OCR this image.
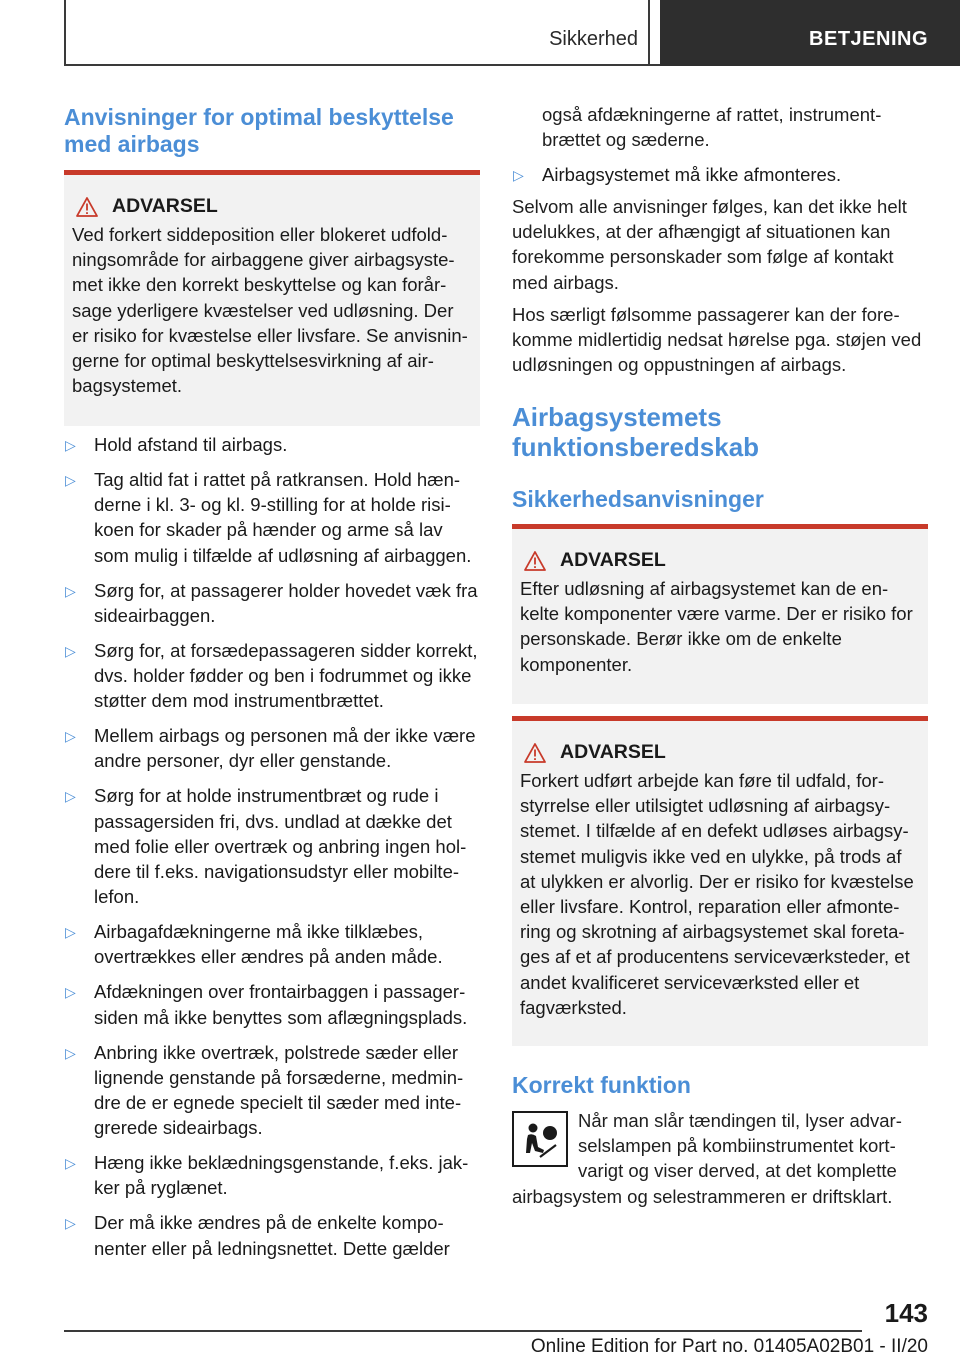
Sikkerhed	BETJENING
Anvisninger for optimal beskyttelse med airbags
ADVARSEL
Ved forkert siddeposition eller blokeret udfoldningsområde for airbaggene giver airbagsystemet ikke den korrekt beskyttelse og kan forårsage yderligere kvæstelser ved udløsning. Der er risiko for kvæstelse eller livsfare. Se anvisningerne for optimal beskyttelsesvirkning af airbagsystemet.
▷ Hold afstand til airbags.
▷ Tag altid fat i rattet på ratkransen. Hold hænderne i kl. 3- og kl. 9-stilling for at holde risikoen for skader på hænder og arme så lav som mulig i tilfælde af udløsning af airbaggen.
▷ Sørg for, at passagerer holder hovedet væk fra sideairbaggen.
▷ Sørg for, at forsædepassageren sidder korrekt, dvs. holder fødder og ben i fodrummet og ikke støtter dem mod instrumentbrættet.
▷ Mellem airbags og personen må der ikke være andre personer, dyr eller genstande.
▷ Sørg for at holde instrumentbræt og rude i passagersiden fri, dvs. undlad at dække det med folie eller overtræk og anbring ingen holdere til f.eks. navigationsudstyr eller mobiltelefon.
▷ Airbagafdækningerne må ikke tilklæbes, overtrækkes eller ændres på anden måde.
▷ Afdækningen over frontairbaggen i passagersiden må ikke benyttes som aflægningsplads.
▷ Anbring ikke overtræk, polstrede sæder eller lignende genstande på forsæderne, medmindre de er egnede specielt til sæder med integrerede sideairbags.
▷ Hæng ikke beklædningsgenstande, f.eks. jakker på ryglænet.
▷ Der må ikke ændres på de enkelte komponenter eller på ledningsnettet. Dette gælder
også afdækningerne af rattet, instrumentbrættet og sæderne.
▷ Airbagsystemet må ikke afmonteres.
Selvom alle anvisninger følges, kan det ikke helt udelukkes, at der afhængigt af situationen kan forekomme personskader som følge af kontakt med airbags.
Hos særligt følsomme passagerer kan der forekomme midlertidig nedsat hørelse pga. støjen ved udløsningen og oppustningen af airbags.
Airbagsystemets funktionsberedskab
Sikkerhedsanvisninger
ADVARSEL
Efter udløsning af airbagsystemet kan de enkelte komponenter være varme. Der er risiko for personskade. Berør ikke om de enkelte komponenter.
ADVARSEL
Forkert udført arbejde kan føre til udfald, forstyrrelse eller utilsigtet udløsning af airbagsystemet. I tilfælde af en defekt udløses airbagsystemet muligvis ikke ved en ulykke, på trods af at ulykken er alvorlig. Der er risiko for kvæstelse eller livsfare. Kontrol, reparation eller afmontering og skrotning af airbagsystemet skal foretages af et af producentens serviceværksteder, et andet kvalificeret serviceværksted eller et fagværksted.
Korrekt funktion
Når man slår tændingen til, lyser advarselslampen på kombiinstrumentet kortvarigt og viser derved, at det komplette airbagsystem og selestrammeren er driftsklart.
143
Online Edition for Part no. 01405A02B01 - II/20
